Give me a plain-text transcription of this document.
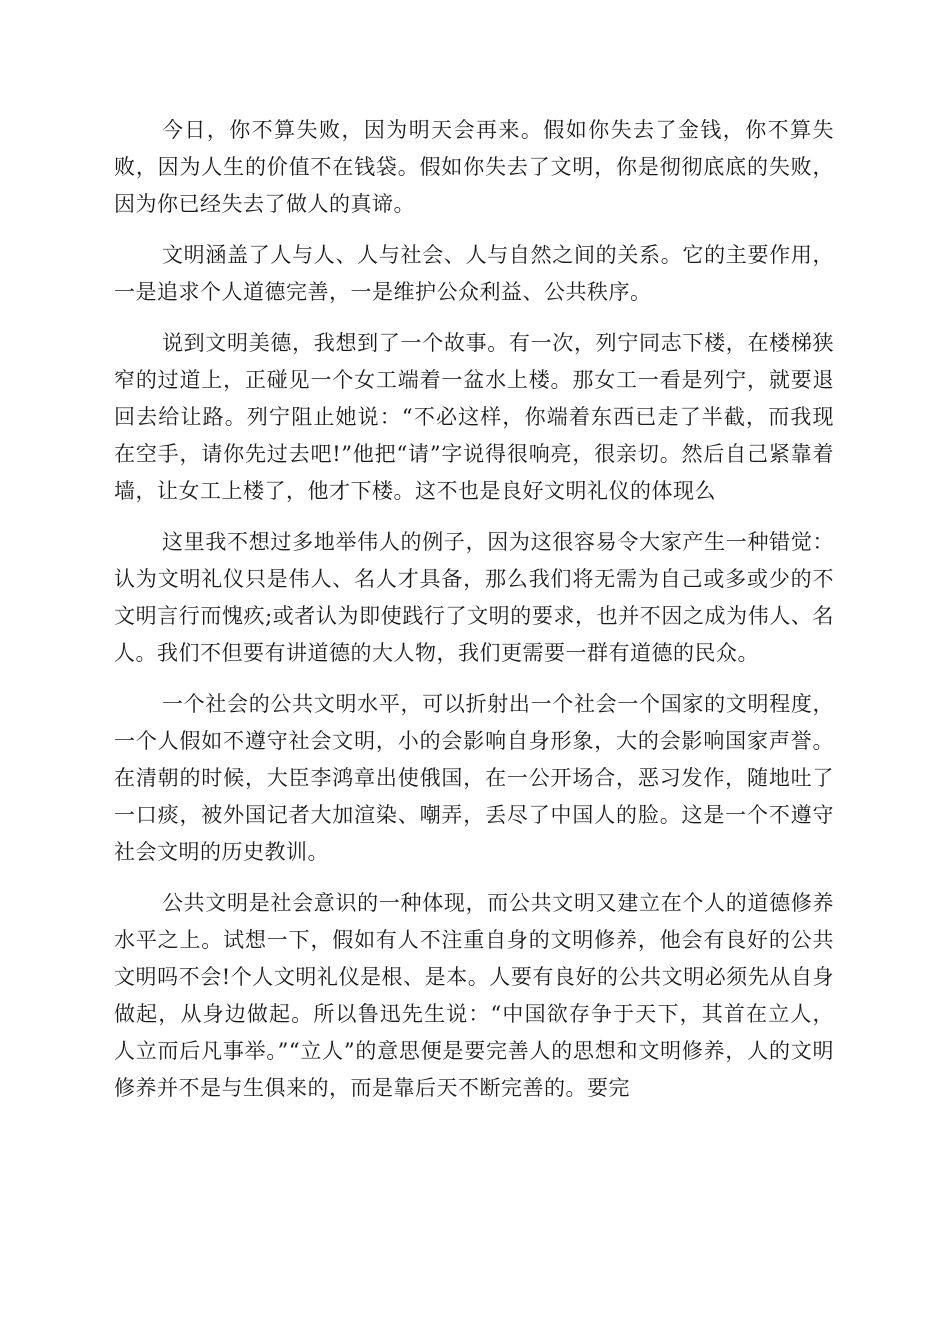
今日，你不算失败，因为明天会再来。假如你失去了金钱，你不算失败，因为人生的价值不在钱袋。假如你失去了文明，你是彻彻底底的失败，因为你已经失去了做人的真谛。

文明涵盖了人与人、人与社会、人与自然之间的关系。它的主要作用，一是追求个人道德完善，一是维护公众利益、公共秩序。

说到文明美德，我想到了一个故事。有一次，列宁同志下楼，在楼梯狭窄的过道上，正碰见一个女工端着一盆水上楼。那女工一看是列宁，就要退回去给让路。列宁阻止她说：“不必这样，你端着东西已走了半截，而我现在空手，请你先过去吧!”他把“请”字说得很响亮，很亲切。然后自己紧靠着墙，让女工上楼了，他才下楼。这不也是良好文明礼仪的体现么

这里我不想过多地举伟人的例子，因为这很容易令大家产生一种错觉：认为文明礼仪只是伟人、名人才具备，那么我们将无需为自己或多或少的不文明言行而愧疚;或者认为即使践行了文明的要求，也并不因之成为伟人、名人。我们不但要有讲道德的大人物，我们更需要一群有道德的民众。

一个社会的公共文明水平，可以折射出一个社会一个国家的文明程度，一个人假如不遵守社会文明，小的会影响自身形象，大的会影响国家声誉。在清朝的时候，大臣李鸿章出使俄国，在一公开场合，恶习发作，随地吐了一口痰，被外国记者大加渲染、嘲弄，丢尽了中国人的脸。这是一个不遵守社会文明的历史教训。

公共文明是社会意识的一种体现，而公共文明又建立在个人的道德修养水平之上。试想一下，假如有人不注重自身的文明修养，他会有良好的公共文明吗不会!个人文明礼仪是根、是本。人要有良好的公共文明必须先从自身做起，从身边做起。所以鲁迅先生说：“中国欲存争于天下，其首在立人，人立而后凡事举。”“立人”的意思便是要完善人的思想和文明修养，人的文明修养并不是与生俱来的，而是靠后天不断完善的。要完
